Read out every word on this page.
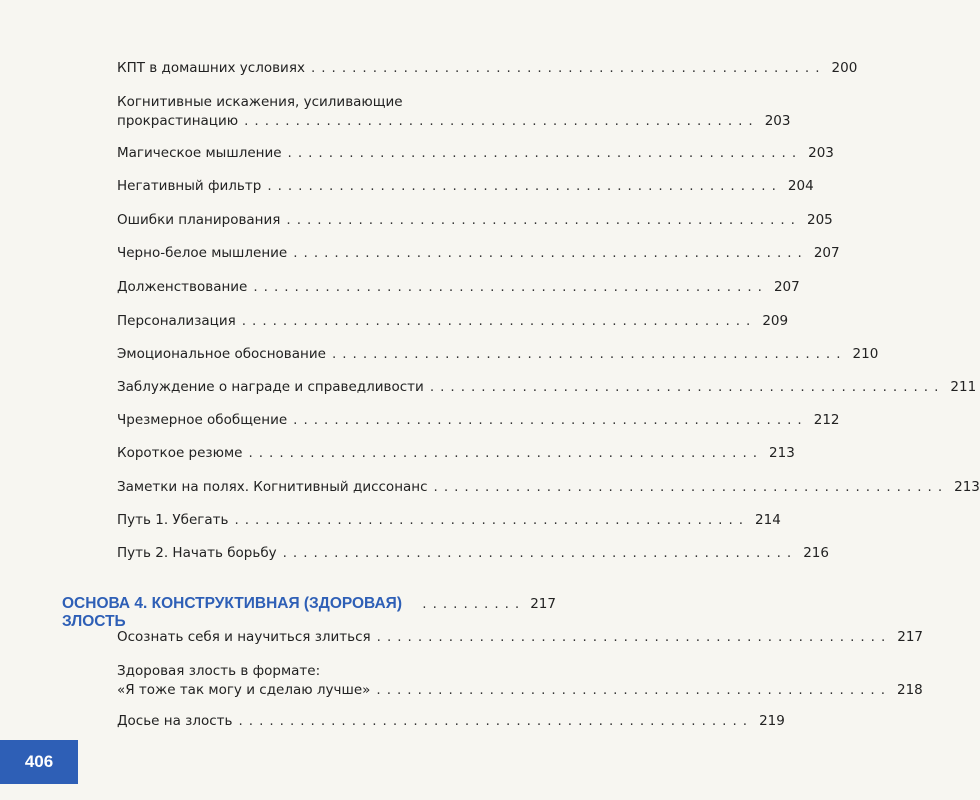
КПТ в домашних условиях .................................................. 200
Когнитивные искажения, усиливающие
прокрастинацию .................................................. 203
Магическое мышление .................................................. 203
Негативный фильтр .................................................. 204
Ошибки планирования .................................................. 205
Черно-белое мышление .................................................. 207
Долженствование .................................................. 207
Персонализация .................................................. 209
Эмоциональное обоснование .................................................. 210
Заблуждение о награде и справедливости .................................................. 211
Чрезмерное обобщение .................................................. 212
Короткое резюме .................................................. 213
Заметки на полях. Когнитивный диссонанс .................................................. 213
Путь 1. Убегать .................................................. 214
Путь 2. Начать борьбу .................................................. 216
ОСНОВА 4. КОНСТРУКТИВНАЯ (ЗДОРОВАЯ) ЗЛОСТЬ
.......... 217
Осознать себя и научиться злиться .................................................. 217
Здоровая злость в формате:
«Я тоже так могу и сделаю лучше» .................................................. 218
Досье на злость .................................................. 219
406
